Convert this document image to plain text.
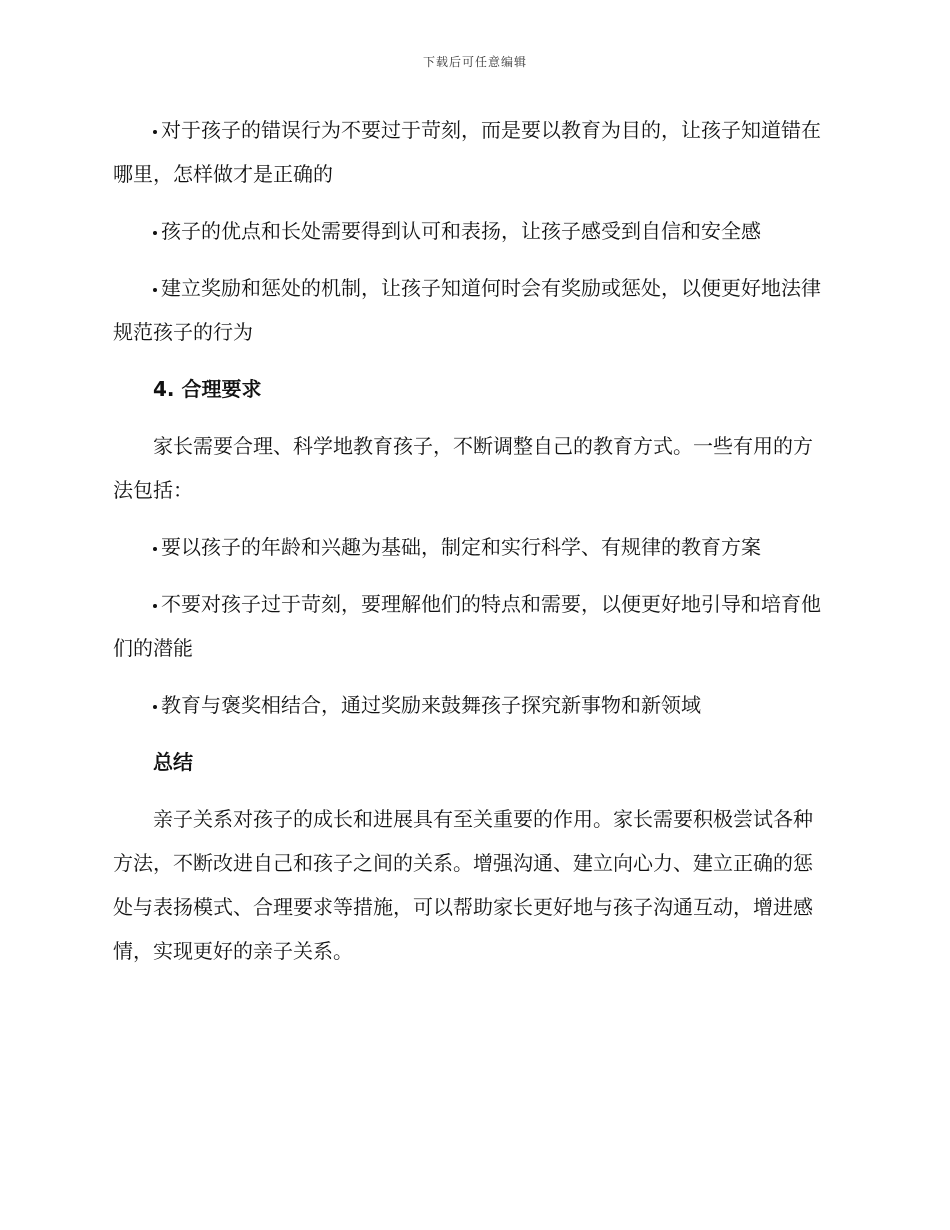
下载后可任意编辑

对于孩子的错误行为不要过于苛刻，而是要以教育为目的，让孩子知道错在哪里，怎样做才是正确的

孩子的优点和长处需要得到认可和表扬，让孩子感受到自信和安全感

建立奖励和惩处的机制，让孩子知道何时会有奖励或惩处，以便更好地法律规范孩子的行为

4. 合理要求

家长需要合理、科学地教育孩子，不断调整自己的教育方式。一些有用的方法包括：

要以孩子的年龄和兴趣为基础，制定和实行科学、有规律的教育方案

不要对孩子过于苛刻，要理解他们的特点和需要，以便更好地引导和培育他们的潜能

教育与褒奖相结合，通过奖励来鼓舞孩子探究新事物和新领域

总结

亲子关系对孩子的成长和进展具有至关重要的作用。家长需要积极尝试各种方法，不断改进自己和孩子之间的关系。增强沟通、建立向心力、建立正确的惩处与表扬模式、合理要求等措施，可以帮助家长更好地与孩子沟通互动，增进感情，实现更好的亲子关系。
